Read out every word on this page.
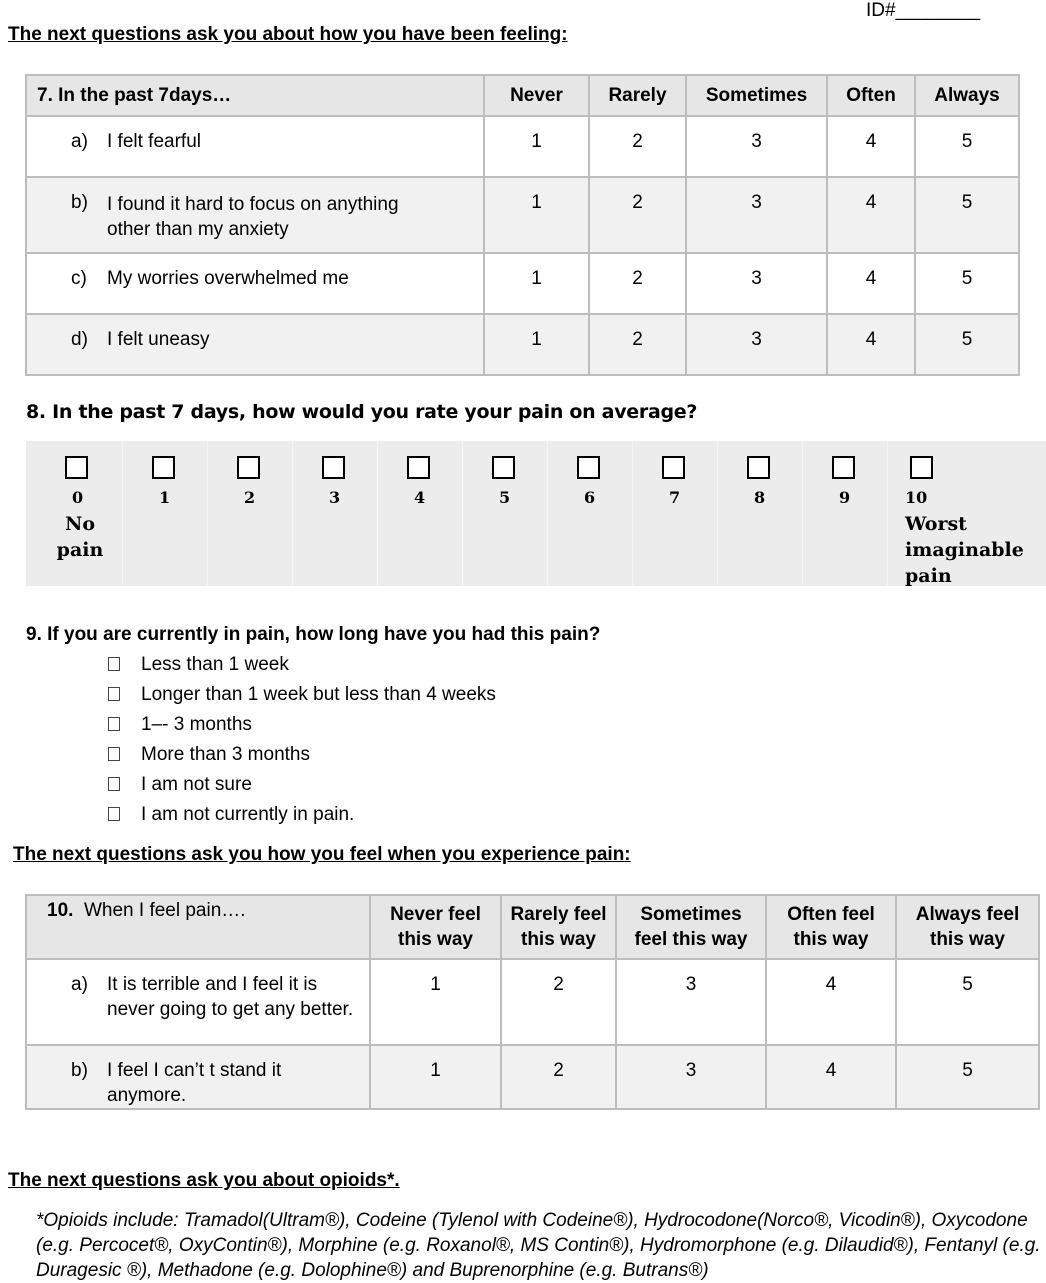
ID#________
The next questions ask you about how you have been feeling:
7. In the past 7days…	Never	Rarely	Sometimes	Often	Always
a) I felt fearful	1	2	3	4	5
b) I found it hard to focus on anything other than my anxiety	1	2	3	4	5
c) My worries overwhelmed me	1	2	3	4	5
d) I felt uneasy	1	2	3	4	5
8. In the past 7 days, how would you rate your pain on average?
0	1	2	3	4	5	6	7	8	9	10
No pain
Worst imaginable pain
9. If you are currently in pain, how long have you had this pain?
Less than 1 week
Longer than 1 week but less than 4 weeks
1–- 3 months
More than 3 months
I am not sure
I am not currently in pain.
The next questions ask you how you feel when you experience pain:
10. When I feel pain….	Never feel this way	Rarely feel this way	Sometimes feel this way	Often feel this way	Always feel this way

a) It is terrible and I feel it is never going to get any better.	1	2	3	4	5
b) I feel I can’t t stand it anymore.	1	2	3	4	5
The next questions ask you about opioids*.
*Opioids include: Tramadol(Ultram®), Codeine (Tylenol with Codeine®), Hydrocodone(Norco®, Vicodin®), Oxycodone (e.g. Percocet®, OxyContin®), Morphine (e.g. Roxanol®, MS Contin®), Hydromorphone (e.g. Dilaudid®), Fentanyl (e.g. Duragesic ®), Methadone (e.g. Dolophine®) and Buprenorphine (e.g. Butrans®)
